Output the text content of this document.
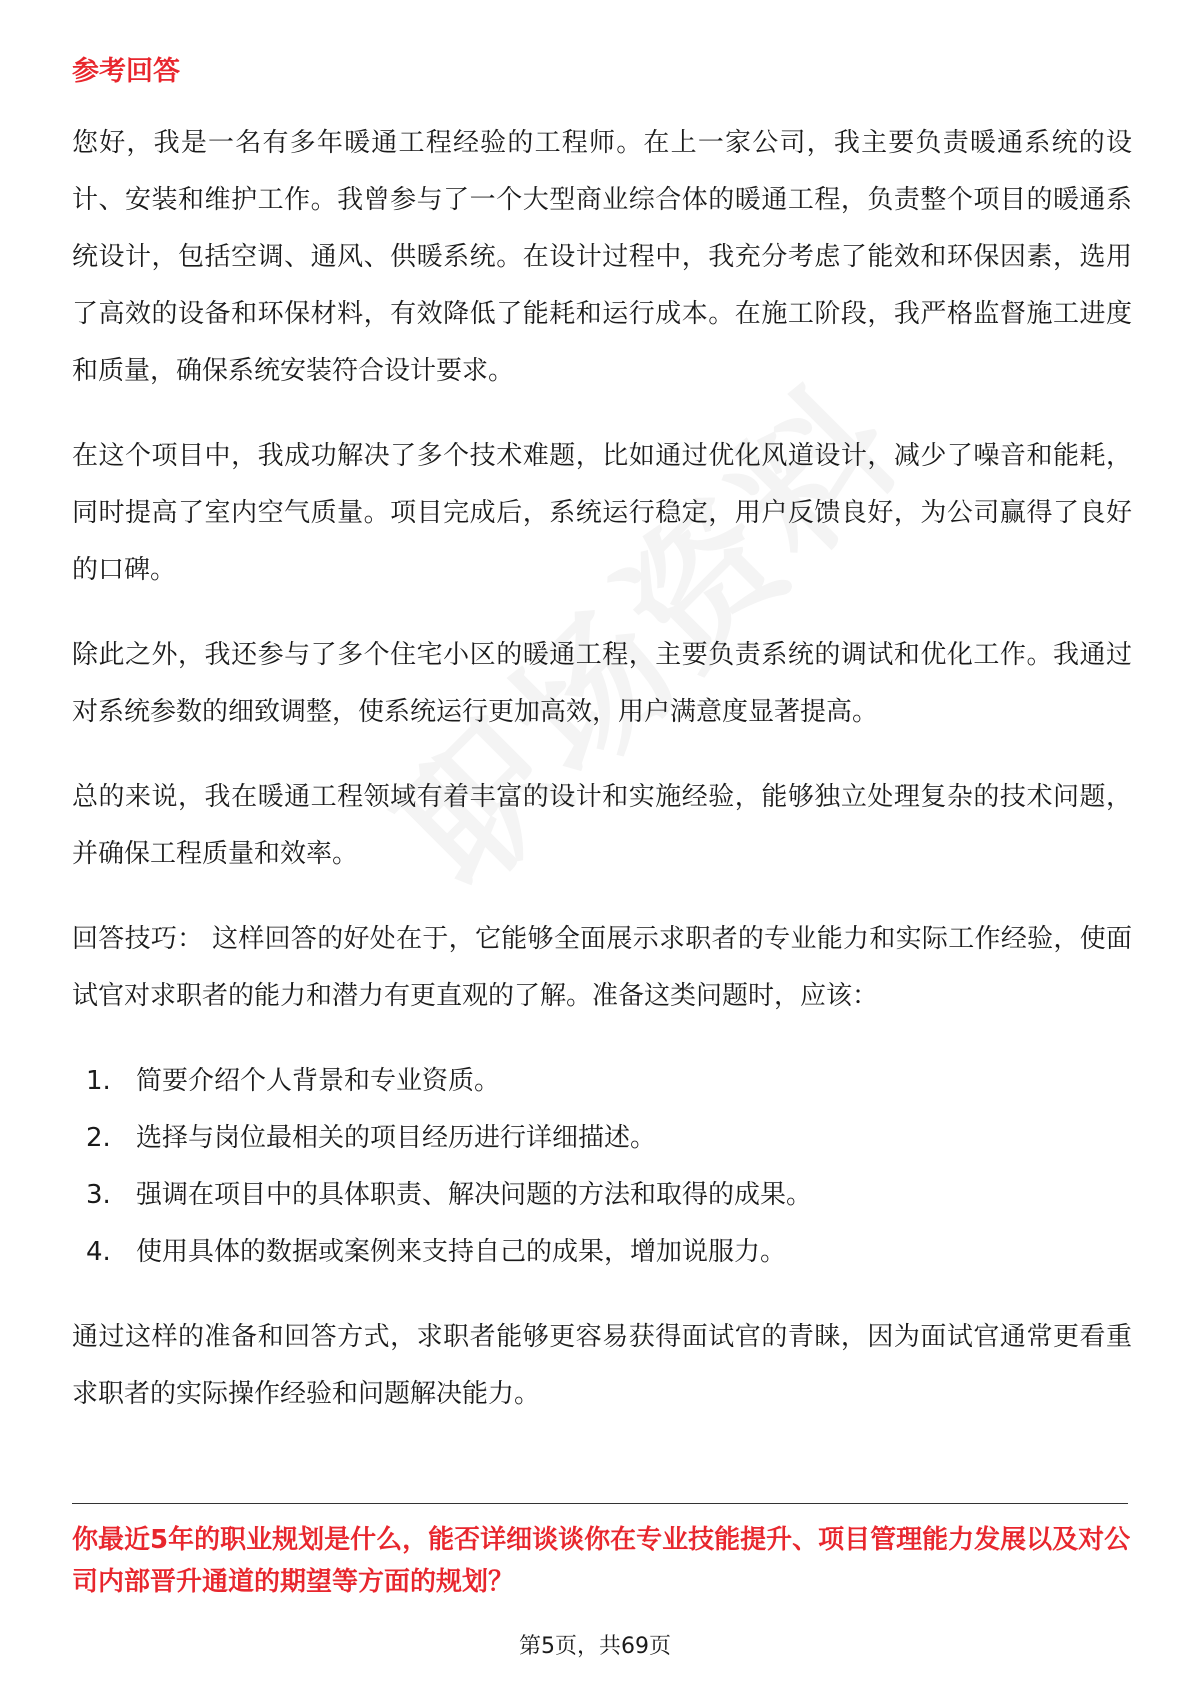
参考回答

您好，我是一名有多年暖通工程经验的工程师。在上一家公司，我主要负责暖通系统的设计、安装和维护工作。我曾参与了一个大型商业综合体的暖通工程，负责整个项目的暖通系统设计，包括空调、通风、供暖系统。在设计过程中，我充分考虑了能效和环保因素，选用了高效的设备和环保材料，有效降低了能耗和运行成本。在施工阶段，我严格监督施工进度和质量，确保系统安装符合设计要求。

在这个项目中，我成功解决了多个技术难题，比如通过优化风道设计，减少了噪音和能耗，同时提高了室内空气质量。项目完成后，系统运行稳定，用户反馈良好，为公司赢得了良好的口碑。

除此之外，我还参与了多个住宅小区的暖通工程，主要负责系统的调试和优化工作。我通过对系统参数的细致调整，使系统运行更加高效，用户满意度显著提高。

总的来说，我在暖通工程领域有着丰富的设计和实施经验，能够独立处理复杂的技术问题，并确保工程质量和效率。

回答技巧： 这样回答的好处在于，它能够全面展示求职者的专业能力和实际工作经验，使面试官对求职者的能力和潜力有更直观的了解。准备这类问题时，应该：

1. 简要介绍个人背景和专业资质。
2. 选择与岗位最相关的项目经历进行详细描述。
3. 强调在项目中的具体职责、解决问题的方法和取得的成果。
4. 使用具体的数据或案例来支持自己的成果，增加说服力。

通过这样的准备和回答方式，求职者能够更容易获得面试官的青睐，因为面试官通常更看重求职者的实际操作经验和问题解决能力。

你最近5年的职业规划是什么，能否详细谈谈你在专业技能提升、项目管理能力发展以及对公司内部晋升通道的期望等方面的规划？
第5页，共69页
